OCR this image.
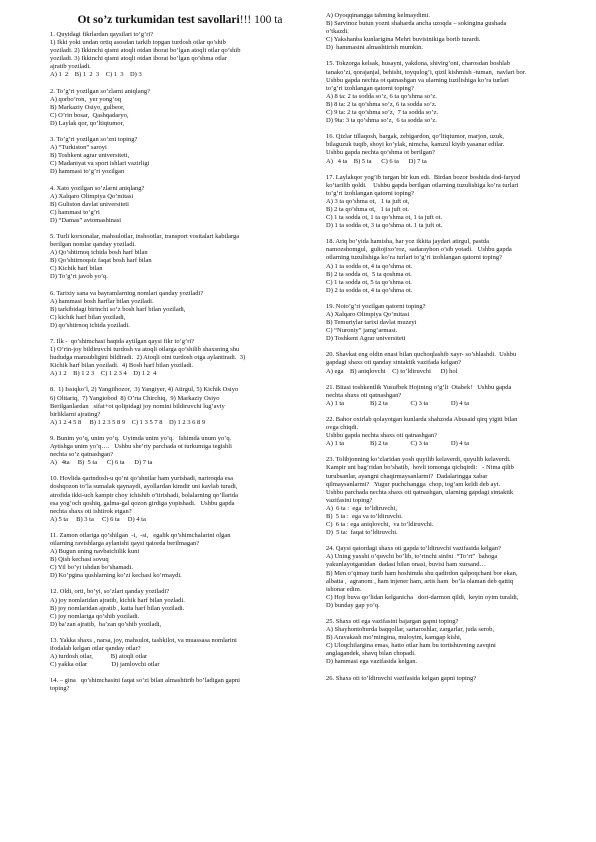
Ot so’z turkumidan test savollari!!! 100 ta
1. Quyidagi fikrlardan qaysilari to’g’ri?
1) Ikki yoki undan ortiq asosdan tarkib topgan turdosh otlar qo’shib
yoziladi. 2) Ikkinchi qismi atoqli otdan iborat bo’lgan atoqli otlar qo’shib
yoziladi. 3) Ikkinchi qismi atoqli otdan iborat bo’lgan qo’shma otlar
ajratib yoziladi.
A) 1  2    B) 1  2  3    C) 1  3    D) 3
2. To’g’ri yozilgan so’zlarni aniqlang?
A) qorbo’ron,  yer yong’oq
B) Markaziy Osiyo, gulbeor,
C) O’rin bosar,  Qashqadaryo,
D) Laylak qor, qo’ltiqtumor,
3. To’g’ri yozilgan so’zni toping?
A) “Turkiston” saroyi
B) Toshkent agrar universiteti,
C) Madaniyat va sport ishlari vazirligi
D) hammasi to’g’ri yozilgan
4. Xato yozilgan so’zlarni aniqlang?
A) Xalqaro Olimpiya Qo’mitasi
B) Guliston davlat universiteti
C) hammasi to’g’ri
D) “Damas” avtomashinasi
5. Turli korxonalar, mahsulotlar, inshootlar, transport vositalari kabilarga
berilgan nomlar qanday yoziladi.
A) Qo’shtirnoq ichida bosh harf bilan
B) Qo’shtirnoqsiz faqat bosh harf bilan
C) Kichik harf bilan
D) To’g’ri javob yo’q.
6. Tarixiy sana va bayramlarning nomlari qanday yoziladi?
A) hammasi bosh harflar bilan yoziladi.
B) tarkibidagi birinchi so’z bosh harf bilan yoziladi,
C) kichik harf bilan yoziladi,
D) qo’shtirnoq ichida yoziladi.
7. Ilk -  qo’shimchasi haqida aytilgan qaysi fikr to’g’ri?
1) O’rin-joy bildiruvchi turdosh va atoqli otlarga qo’shilib shaxsning shu
hududga mansubligini bildiradi.  2) Atoqli otni turdosh otga aylantiradi.  3)
Kichik harf bilan yoziladi.  4) Bosh harf bilan yoziladi.
A) 1 2    B) 1 2 3    C) 1 2 3 4    D) 1 2  4
8.  1) Issiqko’l, 2) Yangiihozor,  3) Yangiyer, 4) Atirgul, 5) Kichik Osiyo
6) Olttariq,  7) Yangiobod  8) O’rta Chirchiq,  9) Markaziy Osiyo
Berilganlardan   sifat+ot qolipidagi joy nomini bildiruvchi lug’aviy
birliklarni ajrating?
A) 1 2 4 5 8     B) 1 2 3 5 8 9    C) 1 3 5 7 8    D) 1 2 3 6 8 9
9. Bunim yo’q, unim yo’q.  Uyimda unim yo’q.   Ishimda unum yo’q.
Aytishga unim yo’q….   Ushbu she’riy parchada ot turkumiga tegishli
nechta so’z qatnashgan?
A)   4ta     B)  5 ta      C) 6 ta      D) 7 ta
10. Hovlida qarindosh-u qo’ni qo’shnilar ham yurishadi, nariroqda esa
doshqozon to’la sumalak qaynaydi, ayollardan kimdir uni kavlab turadi,
atrofida ikki-uch kampir choy ichishib o’tirishadi, bolalarning qo’llarida
esa yog’och qoshiq, galma-gal qozon girdiga yopishadi.   Ushbu gapda
nechta shaxs oti ishtirok etgan?
A) 5 ta     B) 3 ta     C) 6 ta     D) 4 ta
11. Zamon otlariga qo’shilgan  -i,  -si,   egalik qo’shimchalarini olgan
otlarning ravishlarga aylanishi qaysi qatorda berilmagan?
A) Bugun uning navbatchilik kuni
B) Qish kechasi sovuq
C) Yil bo’yi ishdan bo’shamadi.
D) Ko’pgina qushlarning ko’zi kechasi ko’rmaydi.
12. Oldi, orti, bo’yi, so’zlari qanday yoziladi?
A) joy nomlaridan ajratib, kichik harf bilan yozladi.
B) joy nomlaridan ajratib , katta harf bilan yoziladi.
C) joy nomlariga qo’shib yoziladi.
D) ba’zan ajratib,  ba’zan qo’shib yoziladi,
13. Yakka shaxs , narsa, joy, mahsulot, tashkilot, va muassasa nomlarini
ifodalab kelgan otlar qanday otlar?
A) turdosh otlar,           B) atoqli otlar
C) yakka otlar               D) jamlovchi otlar
14. – gina   qo’shimchasini faqat so’zi bilan almashtirib bo’ladigan gapni
toping?
A) Oyoqqinangga tahming kelmaydimi.
B) Sarvinoz butun yozni shaharda ancha uzoqda – sokingina gushada
o’tkazdi.
C) Yakshanba kunlarigina Mehri buvisinikiga borib turardi.
D)  hammasini almashtirish mumkin.
15. Tokzorga kelsak, husayni, yakdona, shivirg’oni, charosdan boshlab
tanako’zi, qorajanjal, behisht, toyqulog’i, qizil kishmish -tuman,  navlari bor.
Ushbu gapda nechta ot qatnashgan va ularning tuzilishiga ko’ra turlari
to’g’ri izohlangan qatorni toping?
A) 8 ta: 2 ta sodda so’z, 6 ta qo’shma so’z.
B) 8 ta: 2 ta qo’shma so’z, 6 ta sodda so’z.
C) 9 ta: 2 ta qo’shma so’z,  7 ta sodda so’z.
D) 9ta: 3 ta qo’shma so’z,  6 ta sodda so’z.
16. Qizlar tillaqosh, bargak, zebigardon, qo’ltiqtumor, marjon, uzuk,
bilaguzuk tuqib, shoyi ko’ylak, nimcha, kamzul kiyib yasanar edilar.
Ushbu gapda nechta qo’shma ot berilgan?
A)   4 ta    B) 5 ta      C) 6 ta      D) 7 ta
17. Laylakqor yog’ib turgan bir kun edi.  Birdan bozor boshida dod-faryod
ko’tarilib qoldi.    Ushbu gapda berilgan otlarning tuzulishiga ko’ra turlari
to’g’ri izohlangan qatorni toping?
A) 3 ta qo’shma ot,   1 ta juft ot,
B) 2 ta qo’shma ot,   1 ta juft ot.
C) 1 ta sodda ot, 1 ta qo’shma ot, 1 ta juft ot.
D) 1 ta sodda ot, 3 ta qo’shma ot. 1 ta juft ot.
18. Ariq bo’yida hamisha, har yoz ikkita jaydari atirgul, pastda
namozshomgul,  gultojixo’roz,  sadarayhon o’sib yotadi.   Ushbu gapda
otlarning tuzulishiga ko’ra turlari to’g’ri izohlangan qatorni toping?
A) 1 ta sodda ot, 4 ta qo’shma ot.
B) 2 ta sodda ot,  5 ta qoshma ot.
C) 1 ta sodda ot, 5 ta qo’shma ot.
D) 2 ta sodda ot, 4 ta qo’shma ot.
19. Noto’g’ri yozilgan qatorni toping?
A) Xalqaro Olimpiya Qo’mitasi
B) Temuriylar tarixi davlat muzeyi
C) “Nuroniy” jamg’armasi.
D) Toshkent Agrar universiteti
20. Shavkat eng oldin enasi bilan quchoqlashib xayr- so’shlashdi.  Ushbu
gapdagi shaxs oti qanday sintaktik vazifada kelgan?
A) ega    B) aniqlovchi    C) to’ldiruvchi      D) hol
21. Bitasi toshkentlik Yusufbek Hojining o’g’li  Otabek!   Ushbu gapda
nechta shaxs oti qatnashgan?
A) 1 ta                B) 2 ta              C) 3 ta              D) 4 ta
22. Bahor oxirlab qolayotgan kunlarda shahzoda Abusaid qirq yigiti bilan
ovga chiqdi.
Ushbu gapda nechta shaxs oti qatnashgan?
A) 1 ta                B) 2 ta              C) 3 ta              D) 4 ta
23. Tolibjonning ko’zlaridan yosh quyilib kelaverdi, quyulib kelaverdi.
Kampir uni bag’ridan bo’shatib,  hovli tomonga qichqirdi:   - Nima qilib
turubsanlar, ayangni chaqirmaysanlarmi?  Dadalaringga xabar
qilmaysanlarmi?   Yugur puchchangga  chop, tog’am keldi deb ayt.
Ushbu parchada nechta shaxs oti qatnashgan, ularning gapdagi sintaktik
vazifasini toping?
A)  6 ta :  ega  to’ldiruvchi,
B)  5 ta :  ega va to’ldiruvchi.
C)  6 ta : ega aniqlovchi,  va to’ldiruvchi.
D)  5 ta:  faqat to’ldiruvchi.
24. Qaysi qatordagi shaxs oti gapda to’ldiruvchi vazifasida kelgan?
A) Uning yaxshi o’quvchi bo’lib, to’rinchi sinfni  “To’rt”  bahoga
yakunlayotganidan  dadasi bilan onasi, buvisi ham xursand…
B) Men o’qimay turib ham hoshimda shu qadirdon qalpoqchani bor ekan,
albatta ,  agranom , ham injener ham, artis ham  bo’la olaman deb qattiq
ishonar edim.
C) Hoji buva qo’lidan kelganicha   dori-darmon qildi,  keyin oyim turaldi,
D) bunday gap yo’q.
25. Shaxs oti ega vazifasini bajargan gapni toping?
A) Shayhontohurda baqqollar, sartaroshlar, zargarlar, juda serob,
B) Aravakash mo’mingina, muloyim, kamgap kishi,
C) Uloqchilargina emas, hatto otlar ham bu tortishuvning zavqini
anglagandek, shavq bilan chopadi.
D) hammasi ega vazifasida kelgan.
26. Shaxs oti to’ldiruvchi vazifasida kelgan gapni toping?
